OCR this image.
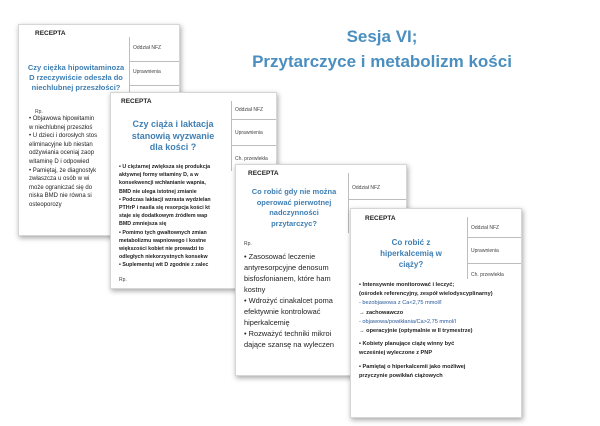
Sesja VI;
Przytarczyce i metabolizm kości
RECEPTA
Oddział NFZ
Uprawnienia
Czy ciężka hipowitaminoza
D rzeczywiście odeszła do
niechlubnej przeszłości?
Rp.

• Objawowa hipowitamin

w niechlubnej przeszłoś

• U dzieci i dorosłych stos

eliminacyjne lub niestan

odżywiania oceniaj zaop

witaminę D i odpowied

• Pamiętaj, że diagnostyk

zwłaszcza u osób w wi

może ograniczać się do

niska BMD nie równa si

osteoporozy

RECEPTA
Oddział NFZ
Uprawnienia
Ch. przewlekła
Czy ciąża i laktacja
stanowią wyzwanie
dla kości ?

• U ciężarnej zwiększa się produkcja

aktywnej formy witaminy D, a w

konsekwencji wchłanianie wapnia,

BMD nie ulega istotnej zmianie

• Podczas laktacji wzrasta wydzielan

PTHrP i nasila się resorpcja kości kt

staje się dodatkowym źródłem wap

BMD zmniejsza się

• Pomimo tych gwałtownych zmian

metabolizmu wapniowego i kostne

większości kobiet nie prowadzi to

odległych niekorzystnych konsekw

• Suplementuj wit D zgodnie z zalec

Rp.
RECEPTA
Oddział NFZ
Co robić gdy nie można
operować pierwotnej
nadczynności
przytarczyc?
Rp.

• Zasosować leczenie

antyresorpcyjne denosum

bisfosfonianem, które ham

kostny

• Wdrożyć cinakalcet poma

efektywnie kontrolować

hiperkalcemię

• Rozważyć techniki mikroi

dające szansę na wyleczen

RECEPTA
Oddział NFZ
Uprawnienia
Ch. przewlekła
Co robić z
hiperkalcemią w
ciąży?

• Intensywnie monitorować i leczyć;

(ośrodek referencyjny, zespół wielodyscyplinarny)

- bezobjawowa z Ca<2,75 mmol/l

→ zachowawczo

- objawowa/powikłania/Ca>2,75 mmol/l

→ operacyjnie (optymalnie w II trymestrze)

• Kobiety planujące ciążę winny być

wcześniej wyleczone z PNP

• Pamiętaj o hiperkalcemii jako możliwej

przyczynie powikłań ciążowych
